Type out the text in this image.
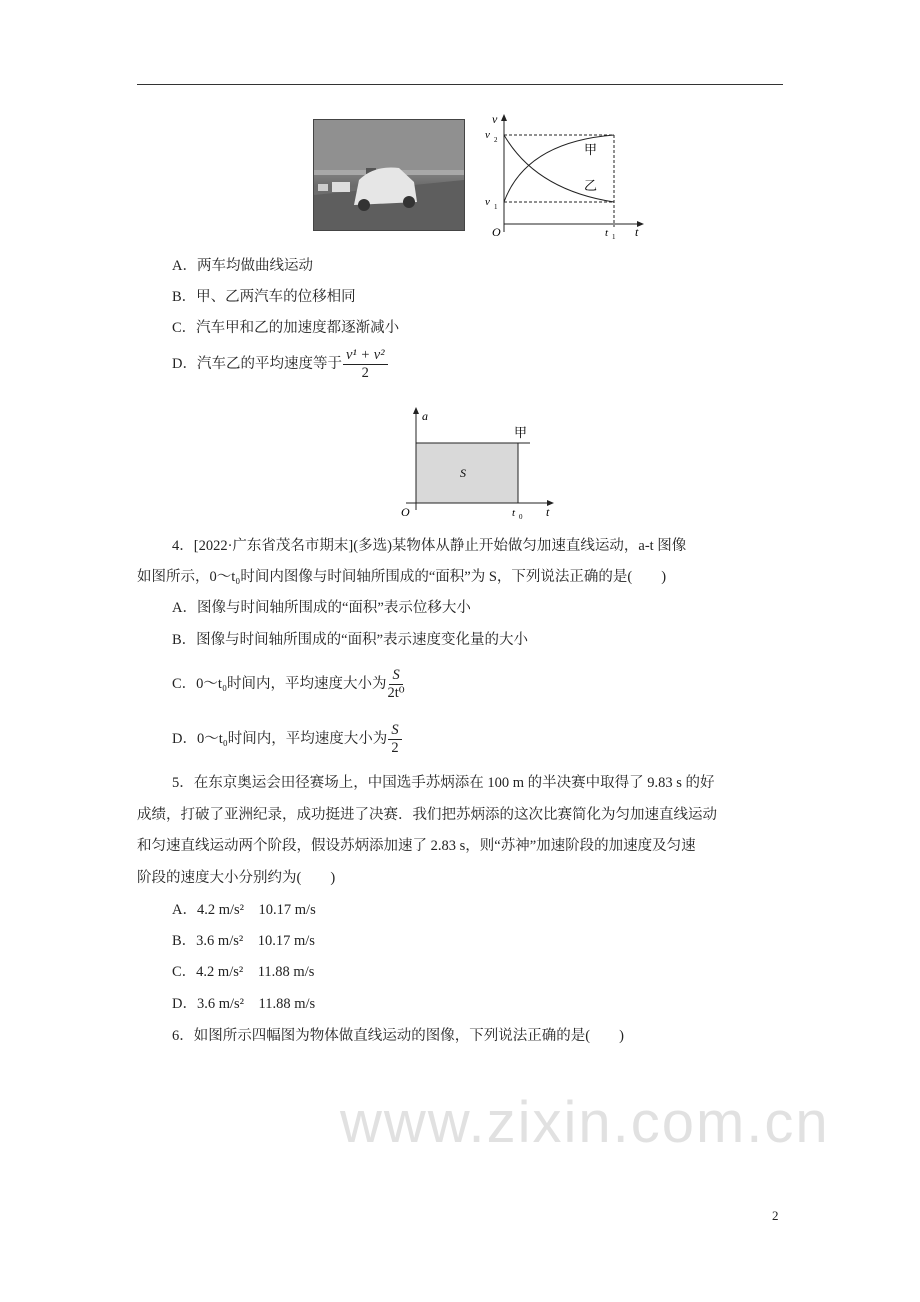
v
v 2
v 1
O	t 1 t
甲
乙
A．两车均做曲线运动
B．甲、乙两汽车的位移相同
C．汽车甲和乙的加速度都逐渐减小
D．汽车乙的平均速度等于 $\frac{\text{v¹ + v²}}{2}$
a
S
甲
O	t 0 t
4．[2022·广东省茂名市期末](多选)某物体从静止开始做匀加速直线运动，a-t 图像
如图所示，0～t₀时间内图像与时间轴所围成的“面积”为 S，下列说法正确的是(　　)
A．图像与时间轴所围成的“面积”表示位移大小
B．图像与时间轴所围成的“面积”表示速度变化量的大小
C．0～t₀时间内，平均速度大小为 $\frac{S}{\text{2t⁰}}$
D．0～t₀时间内，平均速度大小为 $\frac{S}{2}$
5．在东京奥运会田径赛场上，中国选手苏炳添在 100 m 的半决赛中取得了 9.83 s 的好
成绩，打破了亚洲纪录，成功挺进了决赛．我们把苏炳添的这次比赛简化为匀加速直线运动
和匀速直线运动两个阶段，假设苏炳添加速了 2.83 s，则“苏神”加速阶段的加速度及匀速
阶段的速度大小分别约为(　　)
A．4.2 m/s²　10.17 m/s
B．3.6 m/s²　10.17 m/s
C．4.2 m/s²　11.88 m/s
D．3.6 m/s²　11.88 m/s
6．如图所示四幅图为物体做直线运动的图像，下列说法正确的是(　　)
www.zixin.com.cn
2
